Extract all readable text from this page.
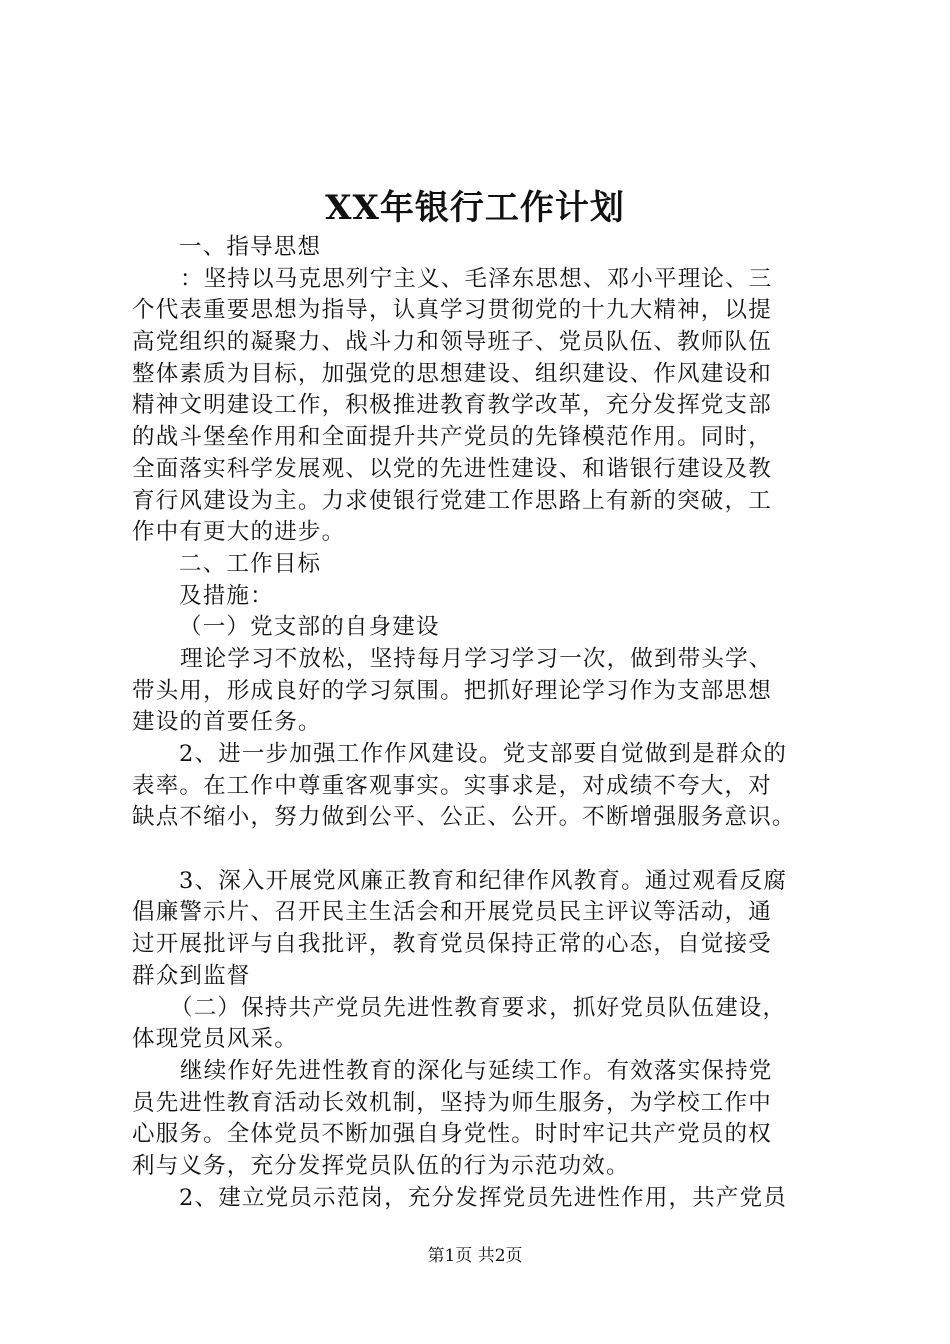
XX年银行工作计划
一、指导思想
：坚持以马克思列宁主义、毛泽东思想、邓小平理论、三
个代表重要思想为指导，认真学习贯彻党的十九大精神，以提
高党组织的凝聚力、战斗力和领导班子、党员队伍、教师队伍
整体素质为目标，加强党的思想建设、组织建设、作风建设和
精神文明建设工作，积极推进教育教学改革，充分发挥党支部
的战斗堡垒作用和全面提升共产党员的先锋模范作用。同时，
全面落实科学发展观、以党的先进性建设、和谐银行建设及教
育行风建设为主。力求使银行党建工作思路上有新的突破，工
作中有更大的进步。
二、工作目标
及措施：
（一）党支部的自身建设
理论学习不放松，坚持每月学习学习一次，做到带头学、
带头用，形成良好的学习氛围。把抓好理论学习作为支部思想
建设的首要任务。
2、进一步加强工作作风建设。党支部要自觉做到是群众的
表率。在工作中尊重客观事实。实事求是，对成绩不夸大，对
缺点不缩小，努力做到公平、公正、公开。不断增强服务意识。
3、深入开展党风廉正教育和纪律作风教育。通过观看反腐
倡廉警示片、召开民主生活会和开展党员民主评议等活动，通
过开展批评与自我批评，教育党员保持正常的心态，自觉接受
群众到监督
（二）保持共产党员先进性教育要求，抓好党员队伍建设，
体现党员风采。
继续作好先进性教育的深化与延续工作。有效落实保持党
员先进性教育活动长效机制，坚持为师生服务，为学校工作中
心服务。全体党员不断加强自身党性。时时牢记共产党员的权
利与义务，充分发挥党员队伍的行为示范功效。
2、建立党员示范岗，充分发挥党员先进性作用，共产党员
第1页 共2页
